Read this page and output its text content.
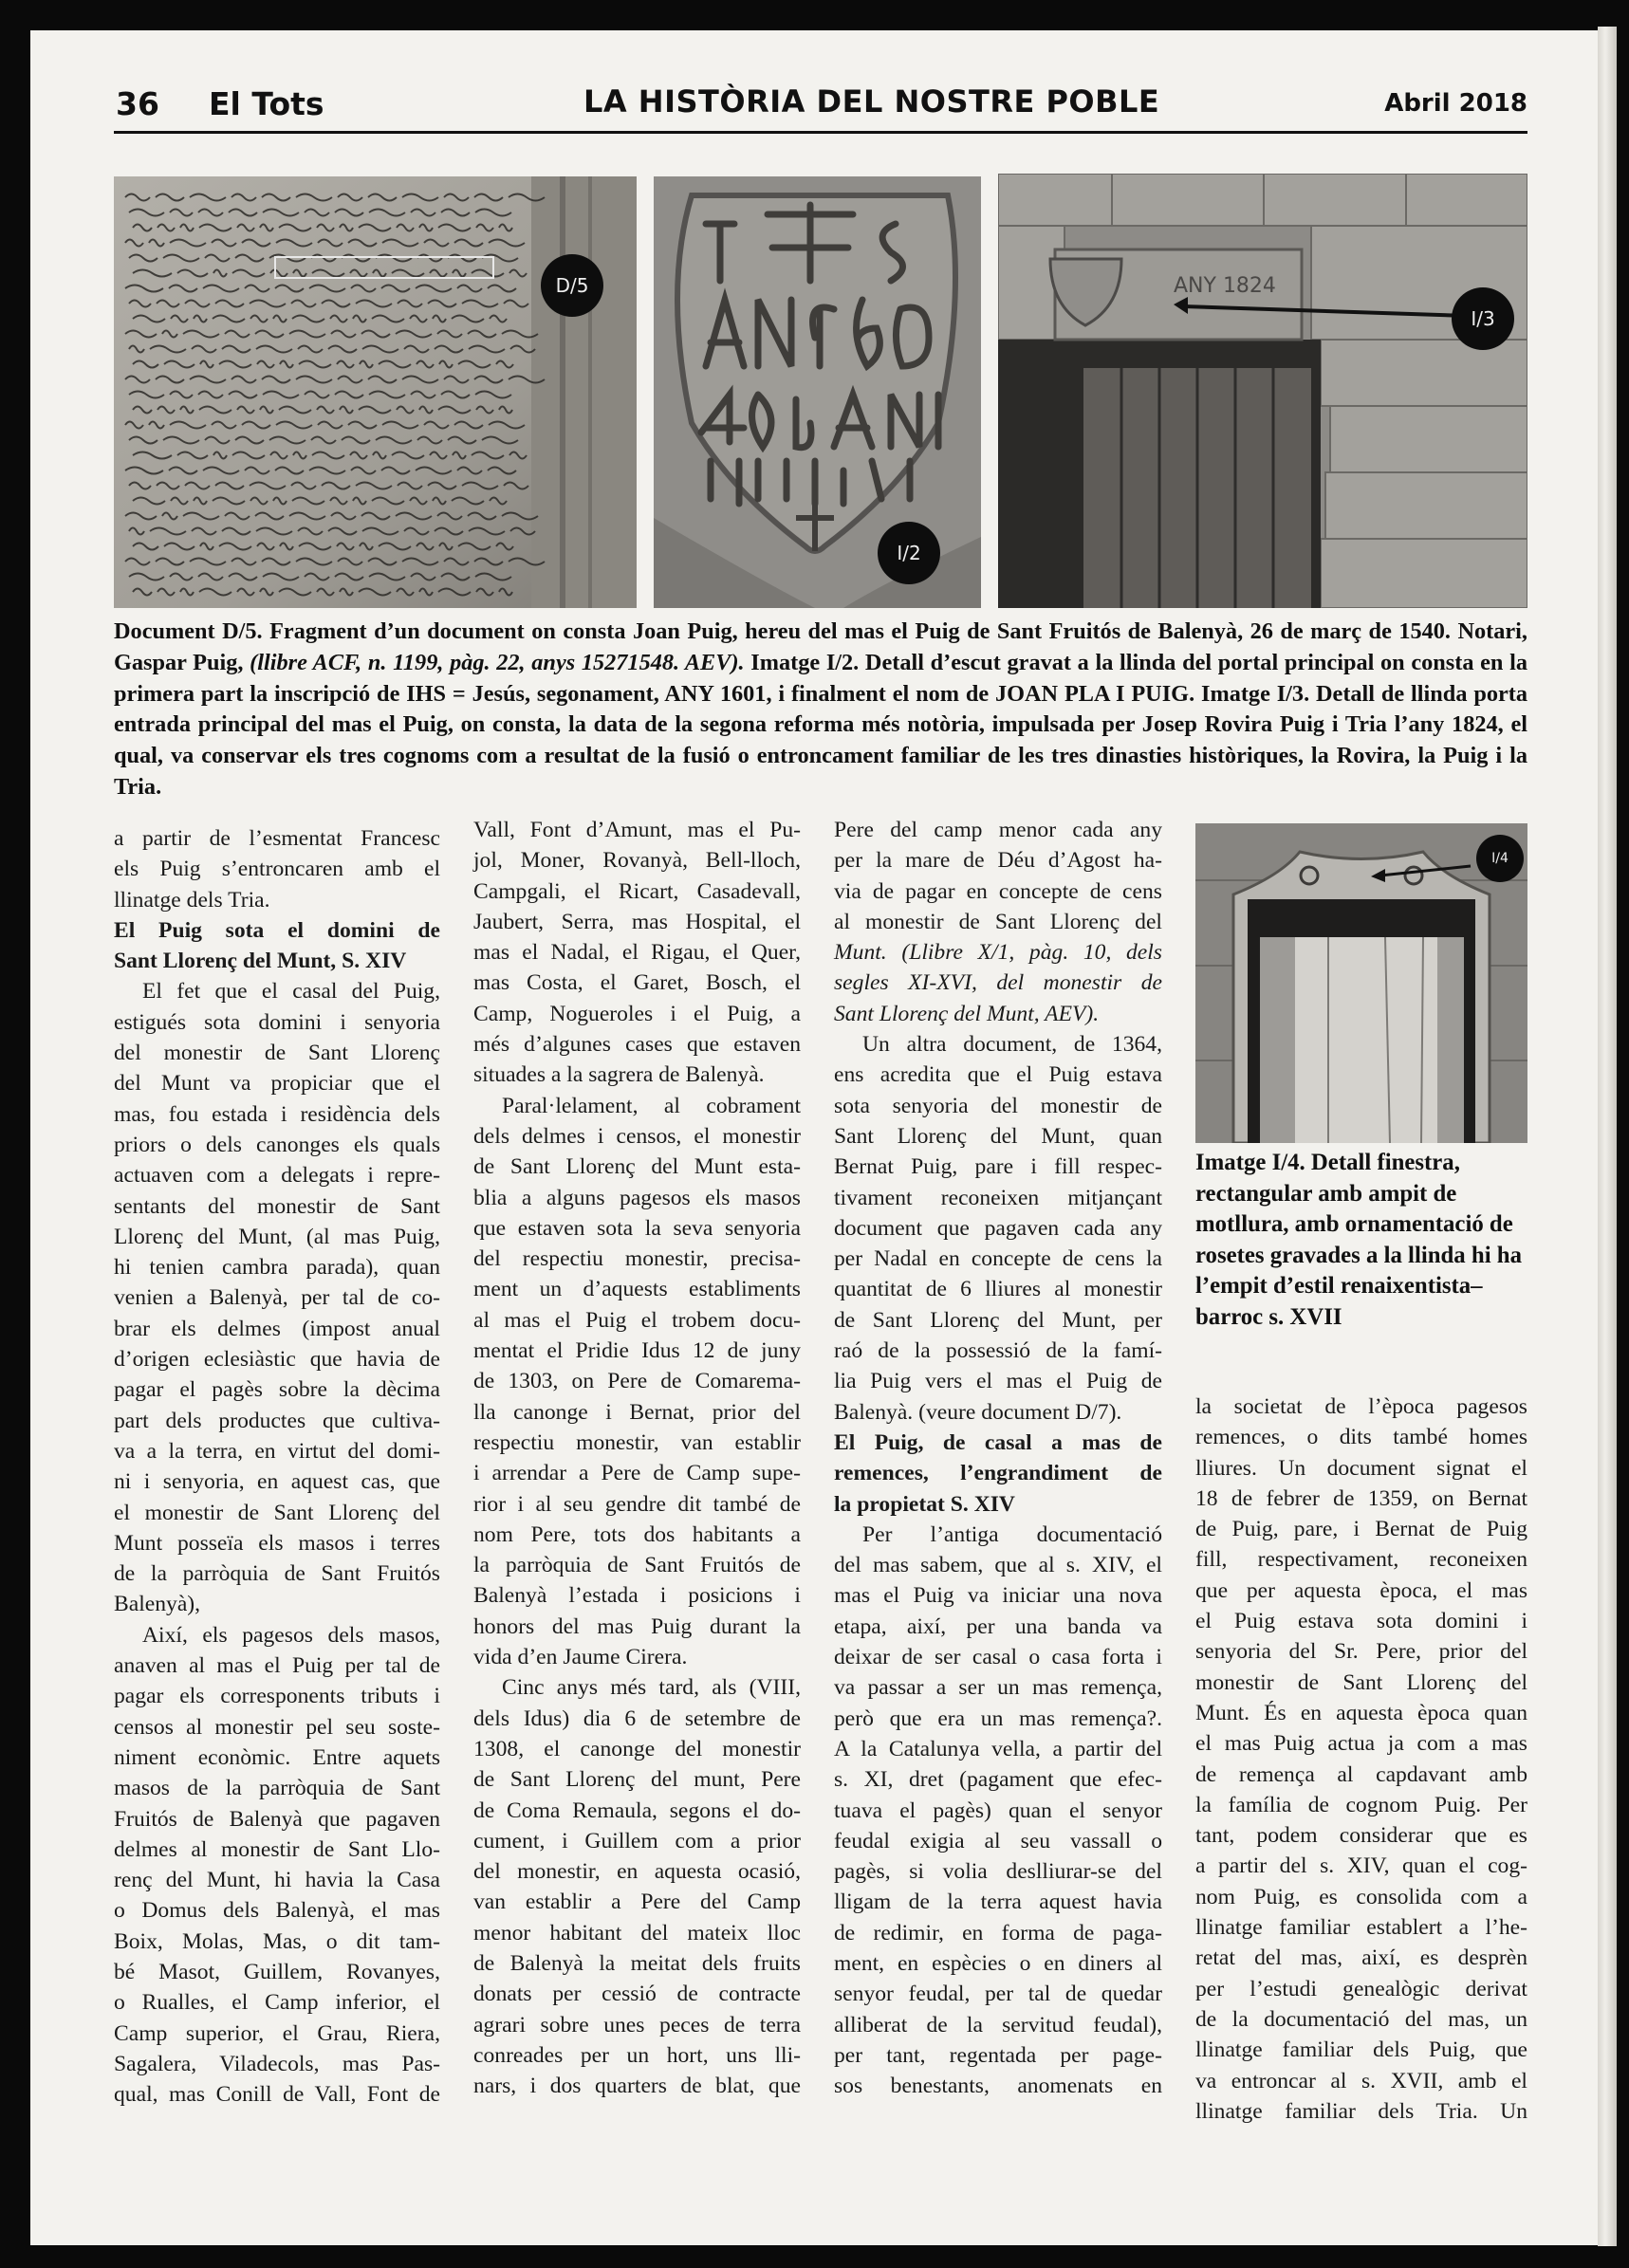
36 El Tots	LA HISTÒRIA DEL NOSTRE POBLE	Abril 2018
D/5
I/2
ANY 1824
I/3
Document D/5. Fragment d’un document on consta Joan Puig, hereu del mas el Puig de Sant Fruitós de Balenyà, 26 de març de 1540. Notari, Gaspar Puig, (llibre ACF, n. 1199, pàg. 22, anys 15271548. AEV). Imatge I/2. Detall d’escut gravat a la llinda del portal principal on consta en la primera part la inscripció de IHS = Jesús, segonament, ANY 1601, i finalment el nom de JOAN PLA I PUIG. Imatge I/3. Detall de llinda porta entrada principal del mas el Puig, on consta, la data de la segona reforma més notòria, impulsada per Josep Rovira Puig i Tria l’any 1824, el qual, va conservar els tres cognoms com a resultat de la fusió o entroncament familiar de les tres dinasties històriques, la Rovira, la Puig i la Tria.
a partir de l’esmentat Francesc
els Puig s’entroncaren amb el
llinatge dels Tria.
El Puig sota el domini de
Sant Llorenç del Munt, S. XIV
El fet que el casal del Puig,
estigués sota domini i senyoria
del monestir de Sant Llorenç
del Munt va propiciar que el
mas, fou estada i residència dels
priors o dels canonges els quals
actuaven com a delegats i repre-
sentants del monestir de Sant
Llorenç del Munt, (al mas Puig,
hi tenien cambra parada), quan
venien a Balenyà, per tal de co-
brar els delmes (impost anual
d’origen eclesiàstic que havia de
pagar el pagès sobre la dècima
part dels productes que cultiva-
va a la terra, en virtut del domi-
ni i senyoria, en aquest cas, que
el monestir de Sant Llorenç del
Munt posseïa els masos i terres
de la parròquia de Sant Fruitós
Balenyà),
Així, els pagesos dels masos,
anaven al mas el Puig per tal de
pagar els corresponents tributs i
censos al monestir pel seu soste-
niment econòmic. Entre aquets
masos de la parròquia de Sant
Fruitós de Balenyà que pagaven
delmes al monestir de Sant Llo-
renç del Munt, hi havia la Casa
o Domus dels Balenyà, el mas
Boix, Molas, Mas, o dit tam-
bé Masot, Guillem, Rovanyes,
o Rualles, el Camp inferior, el
Camp superior, el Grau, Riera,
Sagalera, Viladecols, mas Pas-
qual, mas Conill de Vall, Font de
Vall, Font d’Amunt, mas el Pu-
jol, Moner, Rovanyà, Bell-lloch,
Campgali, el Ricart, Casadevall,
Jaubert, Serra, mas Hospital, el
mas el Nadal, el Rigau, el Quer,
mas Costa, el Garet, Bosch, el
Camp, Nogueroles i el Puig, a
més d’algunes cases que estaven
situades a la sagrera de Balenyà.
Paral·lelament, al cobrament
dels delmes i censos, el monestir
de Sant Llorenç del Munt esta-
blia a alguns pagesos els masos
que estaven sota la seva senyoria
del respectiu monestir, precisa-
ment un d’aquests establiments
al mas el Puig el trobem docu-
mentat el Pridie Idus 12 de juny
de 1303, on Pere de Comarema-
lla canonge i Bernat, prior del
respectiu monestir, van establir
i arrendar a Pere de Camp supe-
rior i al seu gendre dit també de
nom Pere, tots dos habitants a
la parròquia de Sant Fruitós de
Balenyà l’estada i posicions i
honors del mas Puig durant la
vida d’en Jaume Cirera.
Cinc anys més tard, als (VIII,
dels Idus) dia 6 de setembre de
1308, el canonge del monestir
de Sant Llorenç del munt, Pere
de Coma Remaula, segons el do-
cument, i Guillem com a prior
del monestir, en aquesta ocasió,
van establir a Pere del Camp
menor habitant del mateix lloc
de Balenyà la meitat dels fruits
donats per cessió de contracte
agrari sobre unes peces de terra
conreades per un hort, uns lli-
nars, i dos quarters de blat, que
Pere del camp menor cada any
per la mare de Déu d’Agost ha-
via de pagar en concepte de cens
al monestir de Sant Llorenç del
Munt. (Llibre X/1, pàg. 10, dels
segles XI-XVI, del monestir de
Sant Llorenç del Munt, AEV).
Un altra document, de 1364,
ens acredita que el Puig estava
sota senyoria del monestir de
Sant Llorenç del Munt, quan
Bernat Puig, pare i fill respec-
tivament reconeixen mitjançant
document que pagaven cada any
per Nadal en concepte de cens la
quantitat de 6 lliures al monestir
de Sant Llorenç del Munt, per
raó de la possessió de la famí-
lia Puig vers el mas el Puig de
Balenyà. (veure document D/7).
El Puig, de casal a mas de
remences, l’engrandiment de
la propietat S. XIV
Per l’antiga documentació
del mas sabem, que al s. XIV, el
mas el Puig va iniciar una nova
etapa, així, per una banda va
deixar de ser casal o casa forta i
va passar a ser un mas remença,
però que era un mas remença?.
A la Catalunya vella, a partir del
s. XI, dret (pagament que efec-
tuava el pagès) quan el senyor
feudal exigia al seu vassall o
pagès, si volia deslliurar-se del
lligam de la terra aquest havia
de redimir, en forma de paga-
ment, en espècies o en diners al
senyor feudal, per tal de quedar
alliberat de la servitud feudal),
per tant, regentada per page-
sos benestants, anomenats en
I/4
Imatge I/4. Detall finestra, rectangular amb ampit de motllura, amb ornamentació de rosetes gravades a la llinda hi ha l’empit d’estil renaixentista–barroc s. XVII
la societat de l’època pagesos
remences, o dits també homes
lliures. Un document signat el
18 de febrer de 1359, on Bernat
de Puig, pare, i Bernat de Puig
fill, respectivament, reconeixen
que per aquesta època, el mas
el Puig estava sota domini i
senyoria del Sr. Pere, prior del
monestir de Sant Llorenç del
Munt. És en aquesta època quan
el mas Puig actua ja com a mas
de remença al capdavant amb
la família de cognom Puig. Per
tant, podem considerar que es
a partir del s. XIV, quan el cog-
nom Puig, es consolida com a
llinatge familiar establert a l’he-
retat del mas, així, es desprèn
per l’estudi genealògic derivat
de la documentació del mas, un
llinatge familiar dels Puig, que
va entroncar al s. XVII, amb el
llinatge familiar dels Tria. Un
